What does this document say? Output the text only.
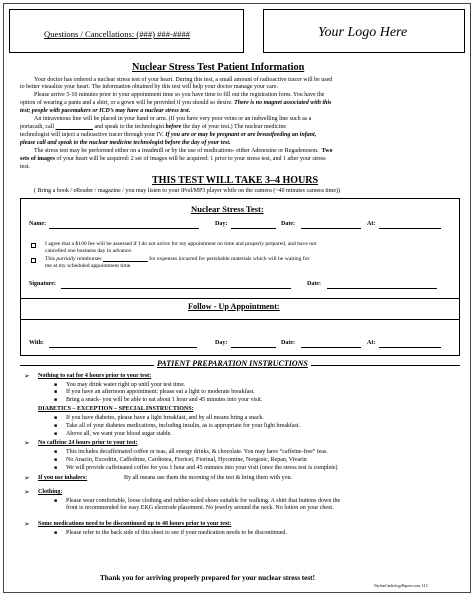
Questions / Cancellations: (###) ###-####	Your Logo Here
Nuclear Stress Test Patient Information
Your doctor has ordered a nuclear stress test of your heart. During this test, a small amount of radioactive tracer will be used
to better visualize your heart. The information obtained by this test will help your doctor manage your care.
Please arrive 5-10 minutes prior to your appointment time so you have time to fill out the registration form. You have the
option of wearing a pants and a shirt, or a gown will be provided if you should so desire. There is no magnet associated with this
test; people with pacemakers or ICD’s may have a nuclear stress test.
An intravenous line will be placed in your hand or arm. (If you have very poor veins or an indwelling line such as a
portacath, call	and speak to the technologist before the day of your test.) The nuclear medicine
technologist will inject a radioactive tracer through your IV. If you are or may be pregnant or are breastfeeding an infant,
please call and speak to the nuclear medicine technologist before the day of your test.
The stress test may be performed either on a treadmill or by the use of medications- either Adenosine or Regadenoson. Two
sets of images of your heart will be acquired: 2 set of images will be acquired: 1 prior to your stress test, and 1 after your stress
test.
THIS TEST WILL TAKE 3–4 HOURS
( Bring a book / eReader / magazine / you may listen to your iPod/MP3 player while on the camera (~40 minutes camera time))
Nuclear Stress Test:
Name:	Day:	Date:	At:
I agree that a $100 fee will be assessed if I do not arrive for my appointment on time and properly prepared, and have not
cancelled one business day in advance.
This partially reimburses	for expenses incurred for perishable materials which will be waiting for
me at my scheduled appointment time.
Signature:	Date:
Follow - Up Appointment:
With:	Day:	Date:	At:
PATIENT PREPARATION INSTRUCTIONS
Thank you for arriving properly prepared for your nuclear stress test!
NuclearCardiologyReports.com, LLC
➢ Nothing to eat for 4 hours prior to your test:
■ You may drink water right up until your test time.
■ If you have an afternoon appointment: please eat a light to moderate breakfast.
■ Bring a snack- you will be able to eat about 1 hour and 45 minutes into your visit.
DIABETICS – EXCEPTION – SPECIAL INSTRUCTIONS:
■ If you have diabetes, please have a light breakfast, and by all means bring a snack.
■ Take all of your diabetes medications, including insulin, as is appropriate for your light breakfast.
■ Above all, we want your blood sugar stable.
➢ No caffeine 24 hours prior to your test:
■ This includes decaffeinated coffee or teas, all energy drinks, & chocolate. You may have “caffeine-free” teas.
■ No Anacin, Excedrin, Caffedrine, Cardiotea, Fioricet, Fiorinal, Hycomine, Norgesic, Repan, Vivarin
■ We will provide caffeinated coffee for you 1 hour and 45 minutes into your visit (once the stress test is complete)
➢ If you use inhalers:	By all means use them the morning of the test & bring them with you.
➢ Clothing:
■ Please wear comfortable, loose clothing and rubber-soled shoes suitable for walking. A shirt that buttons down the
front is recommended for easy EKG electrode placement. No jewelry around the neck. No lotion on your chest.
➢ Some medications need to be discontinued up to 48 hours prior to your test:
■ Please refer to the back side of this sheet to see if your medication needs to be discontinued.
